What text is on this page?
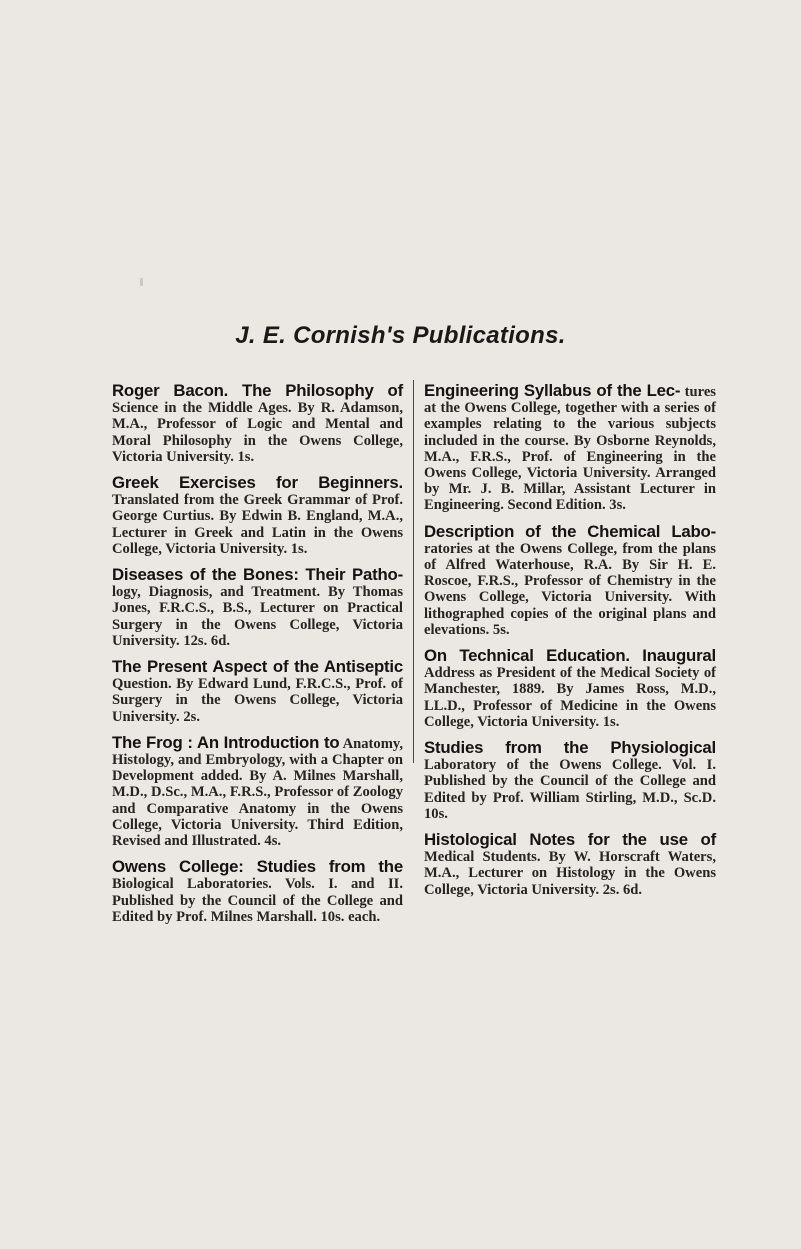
J. E. Cornish's Publications.

Roger Bacon. The Philosophy of Science in the Middle Ages. By R. Adamson, M.A., Professor of Logic and Mental and Moral Philosophy in the Owens College, Victoria University. 1s.

Greek Exercises for Beginners. Translated from the Greek Grammar of Prof. George Curtius. By Edwin B. England, M.A., Lecturer in Greek and Latin in the Owens College, Victoria University. 1s.

Diseases of the Bones: Their Patho- logy, Diagnosis, and Treatment. By Thomas Jones, F.R.C.S., B.S., Lecturer on Practical Surgery in the Owens College, Victoria University. 12s. 6d.

The Present Aspect of the Antiseptic Question. By Edward Lund, F.R.C.S., Prof. of Surgery in the Owens College, Victoria University. 2s.

The Frog : An Introduction to Anatomy, Histology, and Embryology, with a Chapter on Development added. By A. Milnes Marshall, M.D., D.Sc., M.A., F.R.S., Professor of Zoology and Comparative Anatomy in the Owens College, Victoria University. Third Edition, Revised and Illustrated. 4s.

Owens College: Studies from the Biological Laboratories. Vols. I. and II. Published by the Council of the College and Edited by Prof. Milnes Marshall. 10s. each.

Engineering Syllabus of the Lec- tures at the Owens College, together with a series of examples relating to the various subjects included in the course. By Osborne Reynolds, M.A., F.R.S., Prof. of Engineering in the Owens College, Victoria University. Arranged by Mr. J. B. Millar, Assistant Lecturer in Engineering. Second Edition. 3s.

Description of the Chemical Labo- ratories at the Owens College, from the plans of Alfred Waterhouse, R.A. By Sir H. E. Roscoe, F.R.S., Professor of Chemistry in the Owens College, Victoria University. With lithographed copies of the original plans and elevations. 5s.

On Technical Education. Inaugural Address as President of the Medical Society of Manchester, 1889. By James Ross, M.D., LL.D., Professor of Medicine in the Owens College, Victoria University. 1s.

Studies from the Physiological Laboratory of the Owens College. Vol. I. Published by the Council of the College and Edited by Prof. William Stirling, M.D., Sc.D. 10s.

Histological Notes for the use of Medical Students. By W. Horscraft Waters, M.A., Lecturer on Histology in the Owens College, Victoria University. 2s. 6d.
